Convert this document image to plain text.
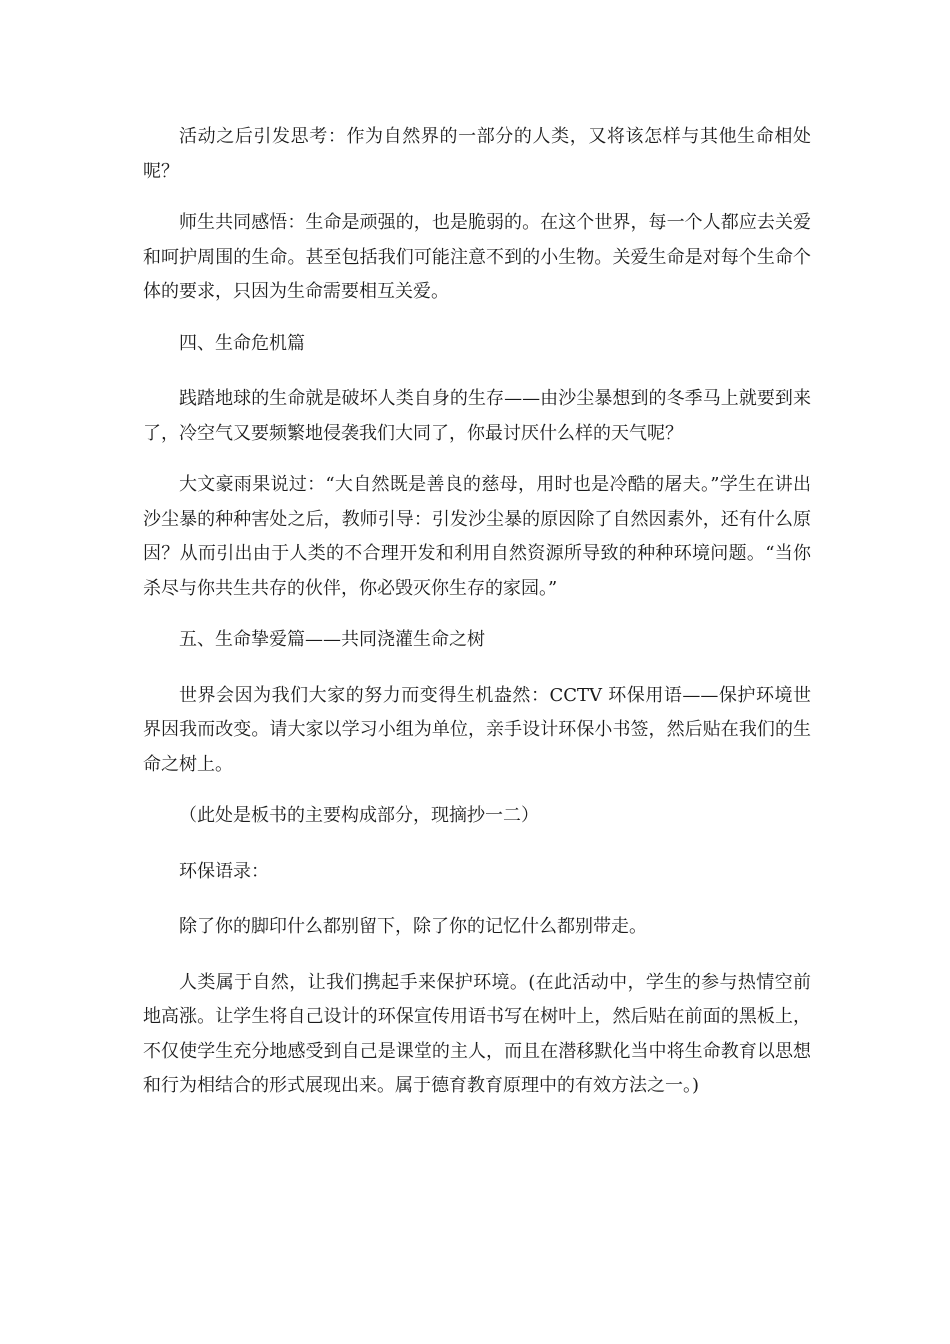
活动之后引发思考：作为自然界的一部分的人类，又将该怎样与其他生命相处呢？

师生共同感悟：生命是顽强的，也是脆弱的。在这个世界，每一个人都应去关爱和呵护周围的生命。甚至包括我们可能注意不到的小生物。关爱生命是对每个生命个体的要求，只因为生命需要相互关爱。

四、生命危机篇

践踏地球的生命就是破坏人类自身的生存——由沙尘暴想到的冬季马上就要到来了，冷空气又要频繁地侵袭我们大同了，你最讨厌什么样的天气呢？

大文豪雨果说过：“大自然既是善良的慈母，用时也是冷酷的屠夫。”学生在讲出沙尘暴的种种害处之后，教师引导：引发沙尘暴的原因除了自然因素外，还有什么原因？从而引出由于人类的不合理开发和利用自然资源所导致的种种环境问题。“当你杀尽与你共生共存的伙伴，你必毁灭你生存的家园。”

五、生命挚爱篇——共同浇灌生命之树

世界会因为我们大家的努力而变得生机盎然：CCTV 环保用语——保护环境世界因我而改变。请大家以学习小组为单位，亲手设计环保小书签，然后贴在我们的生命之树上。

（此处是板书的主要构成部分，现摘抄一二）

环保语录：

除了你的脚印什么都别留下，除了你的记忆什么都别带走。

人类属于自然，让我们携起手来保护环境。(在此活动中，学生的参与热情空前地高涨。让学生将自己设计的环保宣传用语书写在树叶上，然后贴在前面的黑板上，不仅使学生充分地感受到自己是课堂的主人，而且在潜移默化当中将生命教育以思想和行为相结合的形式展现出来。属于德育教育原理中的有效方法之一。)
